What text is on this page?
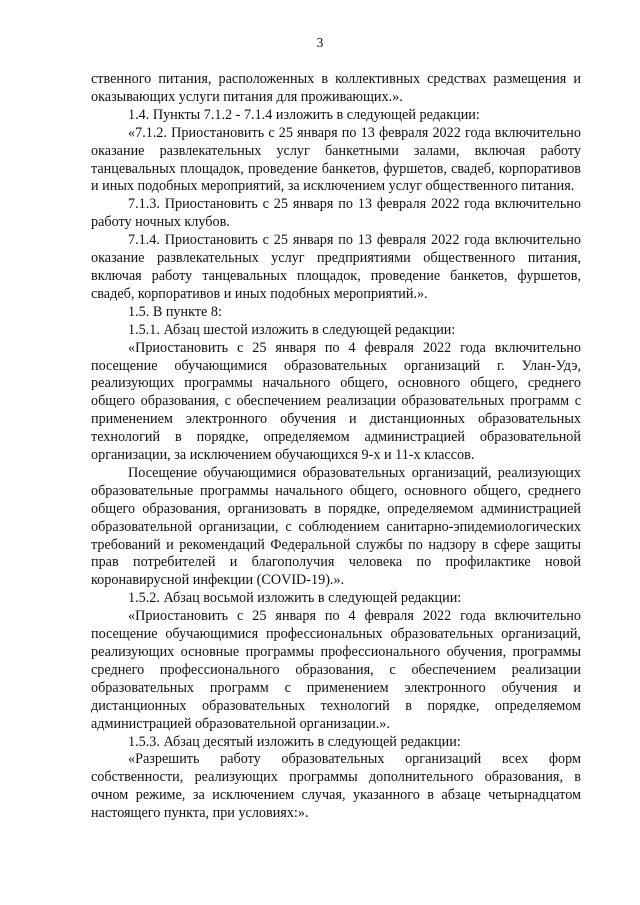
3

ственного питания, расположенных в коллективных средствах размещения и оказывающих услуги питания для проживающих.».

1.4. Пункты 7.1.2 - 7.1.4 изложить в следующей редакции:

«7.1.2. Приостановить с 25 января по 13 февраля 2022 года включительно оказание развлекательных услуг банкетными залами, включая работу танцевальных площадок, проведение банкетов, фуршетов, свадеб, корпоративов и иных подобных мероприятий, за исключением услуг общественного питания.

7.1.3. Приостановить с 25 января по 13 февраля 2022 года включительно работу ночных клубов.

7.1.4. Приостановить с 25 января по 13 февраля 2022 года включительно оказание развлекательных услуг предприятиями общественного питания, включая работу танцевальных площадок, проведение банкетов, фуршетов, свадеб, корпоративов и иных подобных мероприятий.».

1.5. В пункте 8:

1.5.1. Абзац шестой изложить в следующей редакции:

«Приостановить с 25 января по 4 февраля 2022 года включительно посещение обучающимися образовательных организаций г. Улан-Удэ, реализующих программы начального общего, основного общего, среднего общего образования, с обеспечением реализации образовательных программ с применением электронного обучения и дистанционных образовательных технологий в порядке, определяемом администрацией образовательной организации, за исключением обучающихся 9-х и 11-х классов.

Посещение обучающимися образовательных организаций, реализующих образовательные программы начального общего, основного общего, среднего общего образования, организовать в порядке, определяемом администрацией образовательной организации, с соблюдением санитарно-эпидемиологических требований и рекомендаций Федеральной службы по надзору в сфере защиты прав потребителей и благополучия человека по профилактике новой коронавирусной инфекции (COVID-19).».

1.5.2. Абзац восьмой изложить в следующей редакции:

«Приостановить с 25 января по 4 февраля 2022 года включительно посещение обучающимися профессиональных образовательных организаций, реализующих основные программы профессионального обучения, программы среднего профессионального образования, с обеспечением реализации образовательных программ с применением электронного обучения и дистанционных образовательных технологий в порядке, определяемом администрацией образовательной организации.».

1.5.3. Абзац десятый изложить в следующей редакции:

«Разрешить работу образовательных организаций всех форм собственности, реализующих программы дополнительного образования, в очном режиме, за исключением случая, указанного в абзаце четырнадцатом настоящего пункта, при условиях:».
